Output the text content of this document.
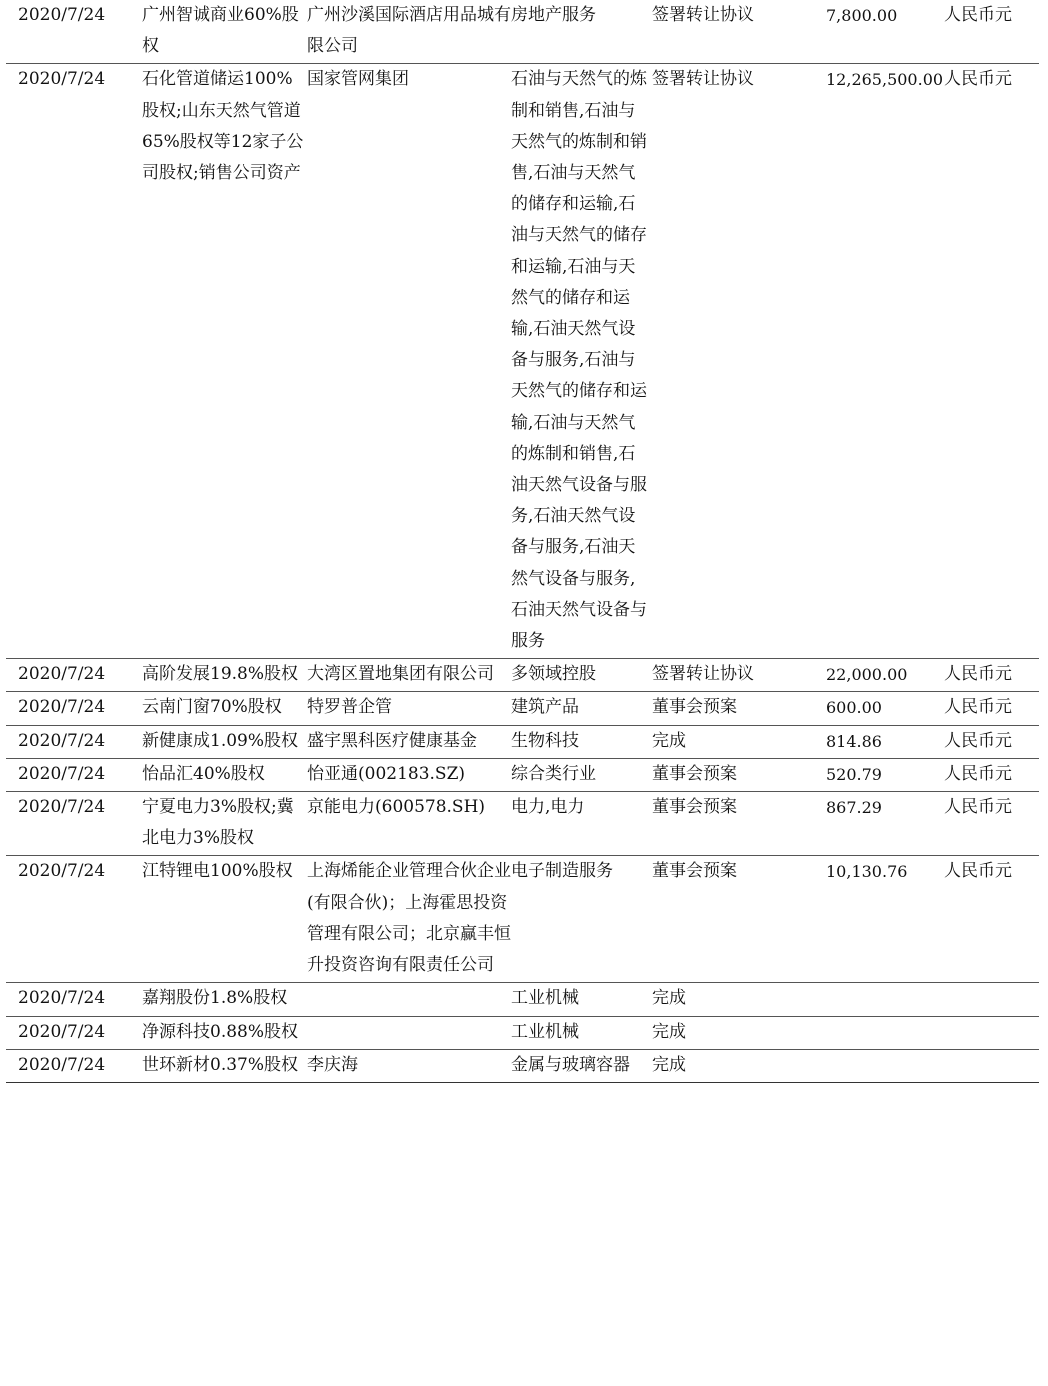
2020/7/24	广州智诚商业60%股权	广州沙溪国际酒店用品城有限公司	房地产服务	签署转让协议	7,800.00	人民币元
2020/7/24	石化管道储运100%股权;山东天然气管道65%股权等12家子公司股权;销售公司资产	国家管网集团	石油与天然气的炼制和销售,石油与天然气的炼制和销售,石油与天然气的储存和运输,石油与天然气的储存和运输,石油与天然气的储存和运输,石油天然气设备与服务,石油与天然气的储存和运输,石油与天然气的炼制和销售,石油天然气设备与服务,石油天然气设备与服务,石油天然气设备与服务,石油天然气设备与服务	签署转让协议	12,265,500.00	人民币元
2020/7/24	高阶发展19.8%股权	大湾区置地集团有限公司	多领域控股	签署转让协议	22,000.00	人民币元
2020/7/24	云南门窗70%股权	特罗普企管	建筑产品	董事会预案	600.00	人民币元
2020/7/24	新健康成1.09%股权	盛宇黑科医疗健康基金	生物科技	完成	814.86	人民币元
2020/7/24	怡品汇40%股权	怡亚通(002183.SZ)	综合类行业	董事会预案	520.79	人民币元
2020/7/24	宁夏电力3%股权;冀北电力3%股权	京能电力(600578.SH)	电力,电力	董事会预案	867.29	人民币元
2020/7/24	江特锂电100%股权	上海烯能企业管理合伙企业(有限合伙)；上海霍思投资管理有限公司；北京赢丰恒升投资咨询有限责任公司	电子制造服务	董事会预案	10,130.76	人民币元
2020/7/24	嘉翔股份1.8%股权		工业机械	完成		
2020/7/24	净源科技0.88%股权		工业机械	完成		
2020/7/24	世环新材0.37%股权	李庆海	金属与玻璃容器	完成		
